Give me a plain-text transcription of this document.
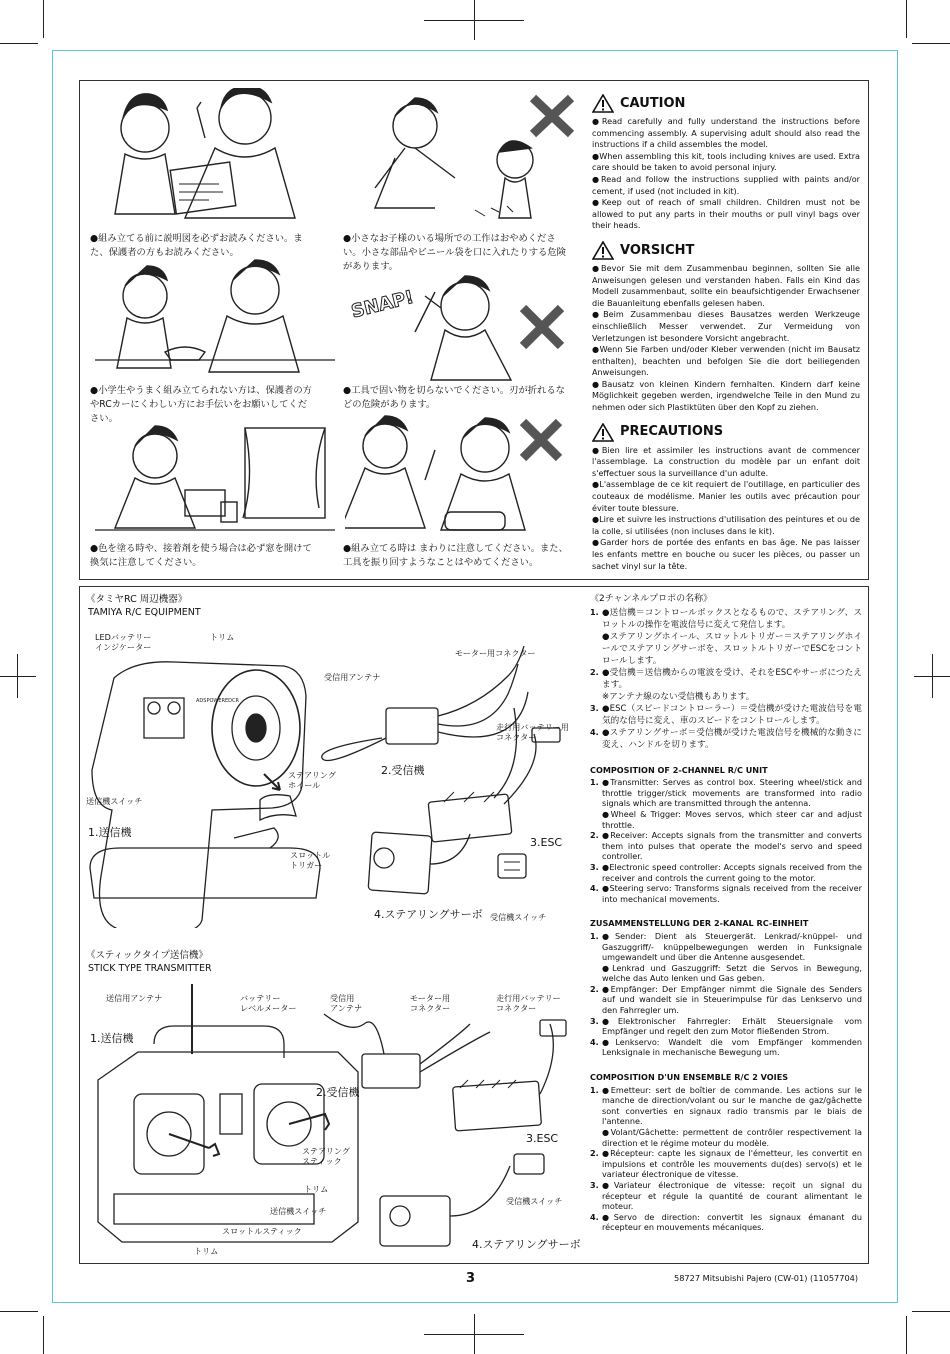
●組み立てる前に説明図を必ずお読みください。また、保護者の方もお読みください。
●小さなお子様のいる場所での工作はおやめください。小さな部品やビニール袋を口に入れたりする危険があります。
●小学生やうまく組み立てられない方は、保護者の方やRCカーにくわしい方にお手伝いをお願いしてください。
SNAP!
●工具で固い物を切らないでください。刃が折れるなどの危険があります。
●色を塗る時や、接着剤を使う場合は必ず窓を開けて換気に注意してください。
●組み立てる時は まわりに注意してください。また、工具を振り回すようなことはやめてください。
CAUTION

●Read carefully and fully understand the instructions before commencing assembly. A supervising adult should also read the instructions if a child assembles the model.

●When assembling this kit, tools including knives are used. Extra care should be taken to avoid personal injury.

●Read and follow the instructions supplied with paints and/or cement, if used (not included in kit).

●Keep out of reach of small children. Children must not be allowed to put any parts in their mouths or pull vinyl bags over their heads.

VORSICHT

●Bevor Sie mit dem Zusammenbau beginnen, sollten Sie alle Anweisungen gelesen und verstanden haben. Falls ein Kind das Modell zusammenbaut, sollte ein beaufsichtigender Erwachsener die Bauanleitung ebenfalls gelesen haben.

●Beim Zusammenbau dieses Bausatzes werden Werkzeuge einschließlich Messer verwendet. Zur Vermeidung von Verletzungen ist besondere Vorsicht angebracht.

●Wenn Sie Farben und/oder Kleber verwenden (nicht im Bausatz enthalten), beachten und befolgen Sie die dort beiliegenden Anweisungen.

●Bausatz von kleinen Kindern fernhalten. Kindern darf keine Möglichkeit gegeben werden, irgendwelche Teile in den Mund zu nehmen oder sich Plastiktüten über den Kopf zu ziehen.

PRECAUTIONS

●Bien lire et assimiler les instructions avant de commencer l'assemblage. La construction du modèle par un enfant doit s'effectuer sous la surveillance d'un adulte.

●L'assemblage de ce kit requiert de l'outillage, en particulier des couteaux de modélisme. Manier les outils avec précaution pour éviter toute blessure.

●Lire et suivre les instructions d'utilisation des peintures et ou de la colle, si utilisées (non incluses dans le kit).

●Garder hors de portée des enfants en bas âge. Ne pas laisser les enfants mettre en bouche ou sucer les pièces, ou passer un sachet vinyl sur la tête.

《タミヤRC 周辺機器》
TAMIYA R/C EQUIPMENT
ADSPOWEREDCR
LEDバッテリー
インジケーター
トリム
受信用アンテナ
モーター用コネクター
走行用バッテリー用
コネクター
2.受信機
ステアリング
ホイール
送信機スイッチ
1.送信機
スロットル
トリガー
3.ESC
4.ステアリングサーボ 受信機スイッチ
《スティックタイプ送信機》
STICK TYPE TRANSMITTER
送信用アンテナ	バッテリー
レベルメーター
受信用
アンテナ
モーター用
コネクター
走行用バッテリー
コネクター
1.送信機
2.受信機
3.ESC
ステアリング
スティック
トリム
受信機スイッチ
送信機スイッチ
スロットルスティック
4.ステアリングサーボ
トリム
《2チャンネルプロポの名称》
1. ●送信機＝コントロールボックスとなるもので、ステアリング、スロットルの操作を電波信号に変えて発信します。
●ステアリングホイール、スロットルトリガー＝ステアリングホイールでステアリングサーボを、スロットルトリガーでESCをコントロールします。
2. ●受信機＝送信機からの電波を受け、それをESCやサーボにつたえます。
※アンテナ線のない受信機もあります。
3. ●ESC（スピードコントローラー）＝受信機が受けた電波信号を電気的な信号に変え、車のスピードをコントロールします。
4. ●ステアリングサーボ＝受信機が受けた電波信号を機械的な動きに変え、ハンドルを切ります。
COMPOSITION OF 2-CHANNEL R/C UNIT
1. ●Transmitter: Serves as control box. Steering wheel/stick and throttle trigger/stick movements are transformed into radio signals which are transmitted through the antenna.
●Wheel & Trigger: Moves servos, which steer car and adjust throttle.
2. ●Receiver: Accepts signals from the transmitter and converts them into pulses that operate the model's servo and speed controller.
3. ●Electronic speed controller: Accepts signals received from the receiver and controls the current going to the motor.
4. ●Steering servo: Transforms signals received from the receiver into mechanical movements.
ZUSAMMENSTELLUNG DER 2-KANAL RC-EINHEIT
1. ●Sender: Dient als Steuergerät. Lenkrad/-knüppel- und Gaszuggriff/- knüppelbewegungen werden in Funksignale umgewandelt und über die Antenne ausgesendet.
●Lenkrad und Gaszuggriff: Setzt die Servos in Bewegung, welche das Auto lenken und Gas geben.
2. ●Empfänger: Der Empfänger nimmt die Signale des Senders auf und wandelt sie in Steuerimpulse für das Lenkservo und den Fahrregler um.
3. ●Elektronischer Fahrregler: Erhält Steuersignale vom Empfänger und regelt den zum Motor fließenden Strom.
4. ●Lenkservo: Wandelt die vom Empfänger kommenden Lenksignale in mechanische Bewegung um.
COMPOSITION D'UN ENSEMBLE R/C 2 VOIES
1. ●Emetteur: sert de boîtier de commande. Les actions sur le manche de direction/volant ou sur le manche de gaz/gâchette sont converties en signaux radio transmis par le biais de l'antenne.
●Volant/Gâchette: permettent de contrôler respectivement la direction et le régime moteur du modèle.
2. ●Récepteur: capte les signaux de l'émetteur, les convertit en impulsions et contrôle les mouvements du(des) servo(s) et le variateur électronique de vitesse.
3. ●Variateur électronique de vitesse: reçoit un signal du récepteur et régule la quantité de courant alimentant le moteur.
4. ●Servo de direction: convertit les signaux émanant du récepteur en mouvements mécaniques.
3	58727 Mitsubishi Pajero (CW-01) (11057704)
